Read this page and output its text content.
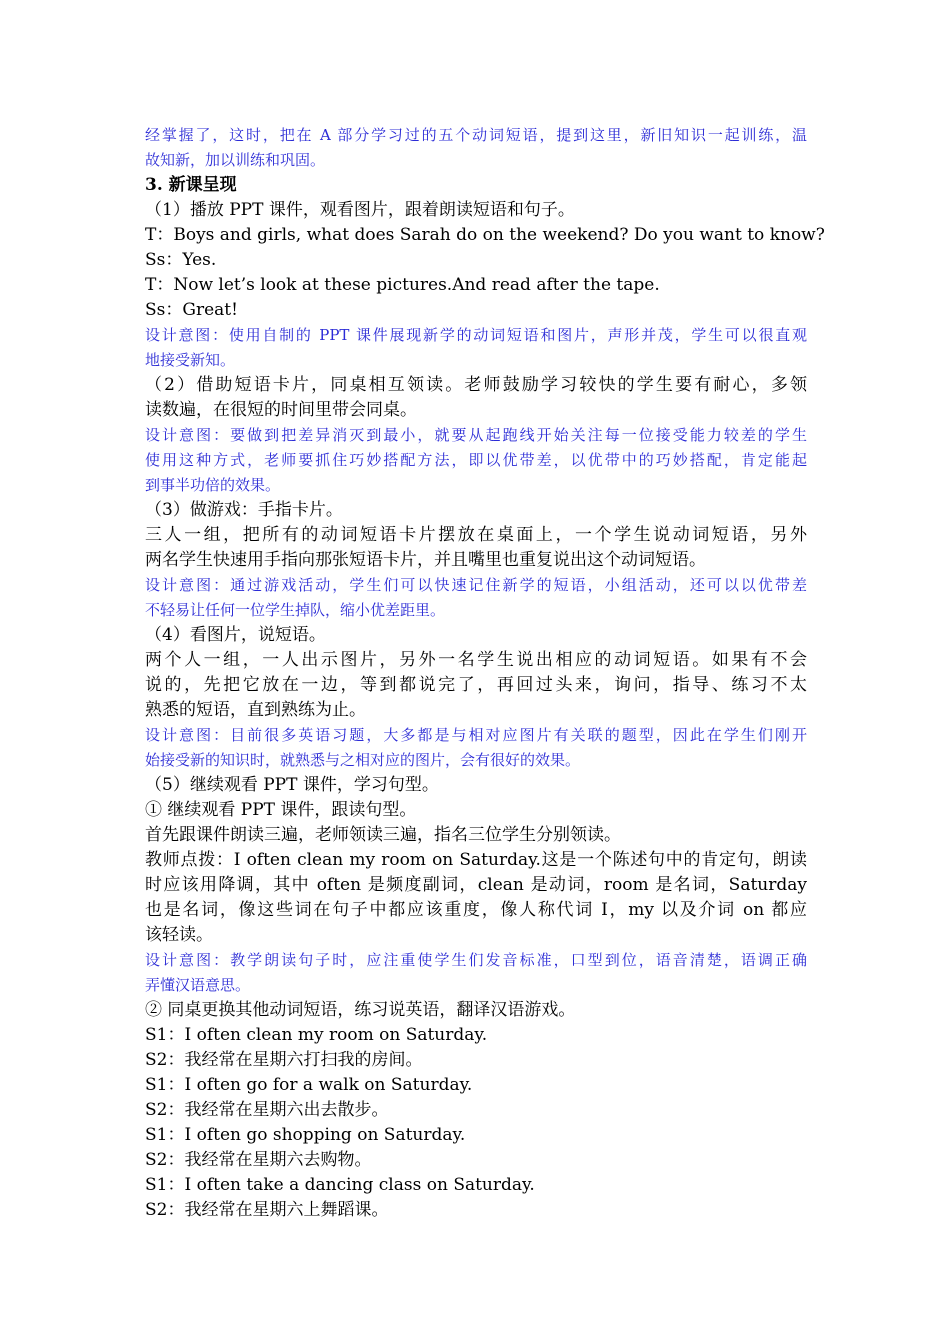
经掌握了，这时，把在 A 部分学习过的五个动词短语，提到这里，新旧知识一起训练，温
故知新，加以训练和巩固。
3. 新课呈现
（1）播放 PPT 课件，观看图片，跟着朗读短语和句子。
T：Boys and girls, what does Sarah do on the weekend? Do you want to know?
Ss：Yes.
T：Now let’s look at these pictures.And read after the tape.
Ss：Great!
设计意图：使用自制的 PPT 课件展现新学的动词短语和图片，声形并茂，学生可以很直观
地接受新知。
（2）借助短语卡片，同桌相互领读。老师鼓励学习较快的学生要有耐心，多领
读数遍，在很短的时间里带会同桌。
设计意图：要做到把差异消灭到最小，就要从起跑线开始关注每一位接受能力较差的学生
使用这种方式，老师要抓住巧妙搭配方法，即以优带差，以优带中的巧妙搭配，肯定能起
到事半功倍的效果。
（3）做游戏：手指卡片。
三人一组，把所有的动词短语卡片摆放在桌面上，一个学生说动词短语，另外
两名学生快速用手指向那张短语卡片，并且嘴里也重复说出这个动词短语。
设计意图：通过游戏活动，学生们可以快速记住新学的短语，小组活动，还可以以优带差
不轻易让任何一位学生掉队，缩小优差距里。
（4）看图片，说短语。
两个人一组，一人出示图片，另外一名学生说出相应的动词短语。如果有不会
说的，先把它放在一边，等到都说完了，再回过头来，询问，指导、练习不太
熟悉的短语，直到熟练为止。
设计意图：目前很多英语习题，大多都是与相对应图片有关联的题型，因此在学生们刚开
始接受新的知识时，就熟悉与之相对应的图片，会有很好的效果。
（5）继续观看 PPT 课件，学习句型。
① 继续观看 PPT 课件，跟读句型。
首先跟课件朗读三遍，老师领读三遍，指名三位学生分别领读。
教师点拨：I often clean my room on Saturday.这是一个陈述句中的肯定句，朗读
时应该用降调，其中 often 是频度副词，clean 是动词，room 是名词，Saturday
也是名词，像这些词在句子中都应该重度，像人称代词 I，my 以及介词 on 都应
该轻读。
设计意图：教学朗读句子时，应注重使学生们发音标准，口型到位，语音清楚，语调正确
弄懂汉语意思。
② 同桌更换其他动词短语，练习说英语，翻译汉语游戏。
S1：I often clean my room on Saturday.
S2：我经常在星期六打扫我的房间。
S1：I often go for a walk on Saturday.
S2：我经常在星期六出去散步。
S1：I often go shopping on Saturday.
S2：我经常在星期六去购物。
S1：I often take a dancing class on Saturday.
S2：我经常在星期六上舞蹈课。
